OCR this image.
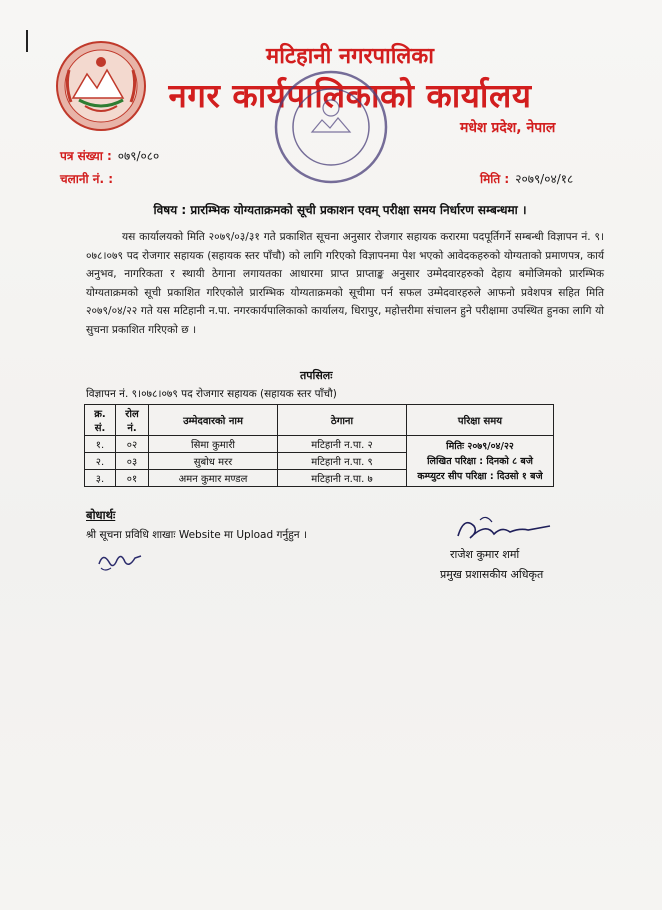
मटिहानी नगरपालिका
नगर कार्यपालिकाको कार्यालय
मधेश प्रदेश, नेपाल
पत्र संख्या : ०७९/०८०
चलानी नं. :	मिति : २०७९/०४/१८
विषय : प्रारम्भिक योग्यताक्रमको सूची प्रकाशन एवम् परीक्षा समय निर्धारण सम्बन्धमा ।
यस कार्यालयको मिति २०७९/०३/३१ गते प्रकाशित सूचना अनुसार रोजगार सहायक करारमा पदपूर्तिगर्ने सम्बन्धी विज्ञापन नं. ९।०७८।०७९ पद रोजगार सहायक (सहायक स्तर पाँचौ) को लागि गरिएको विज्ञापनमा पेश भएको आवेदकहरुको योग्यताको प्रमाणपत्र, कार्य अनुभव, नागरिकता र स्थायी ठेगाना लगायतका आधारमा प्राप्त प्राप्ताङ्क अनुसार उम्मेदवारहरुको देहाय बमोजिमको प्रारम्भिक योग्यताक्रमको सूची प्रकाशित गरिएकोले प्रारम्भिक योग्यताक्रमको सूचीमा पर्न सफल उम्मेदवारहरुले आफनो प्रवेशपत्र सहित मिति २०७९/०४/२२ गते यस मटिहानी न.पा. नगरकार्यपालिकाको कार्यालय, धिरापुर, महोत्तरीमा संचालन हुने परीक्षामा उपस्थित हुनका लागि यो सुचना प्रकाशित गरिएको छ ।
तपसिलः
विज्ञापन नं. ९।०७८।०७९ पद रोजगार सहायक (सहायक स्तर पाँचौ)
क्र. सं.	रोल नं.	उम्मेदवारको नाम	ठेगाना	परिक्षा समय
१.	०२	सिमा कुमारी	मटिहानी न.पा. २	मितिः २०७९/०४/२२
लिखित परिक्षा : दिनको ८ बजे
कम्प्युटर सीप परिक्षा : दिउसो १ बजे

२.	०३	सुबोध मरर	मटिहानी न.पा. ९	
३.	०१	अमन कुमार मण्डल	मटिहानी न.पा. ७	
बोधार्थः
श्री सूचना प्रविधि शाखाः Website मा Upload गर्नुहुन ।
राजेश कुमार शर्मा
प्रमुख प्रशासकीय अधिकृत
